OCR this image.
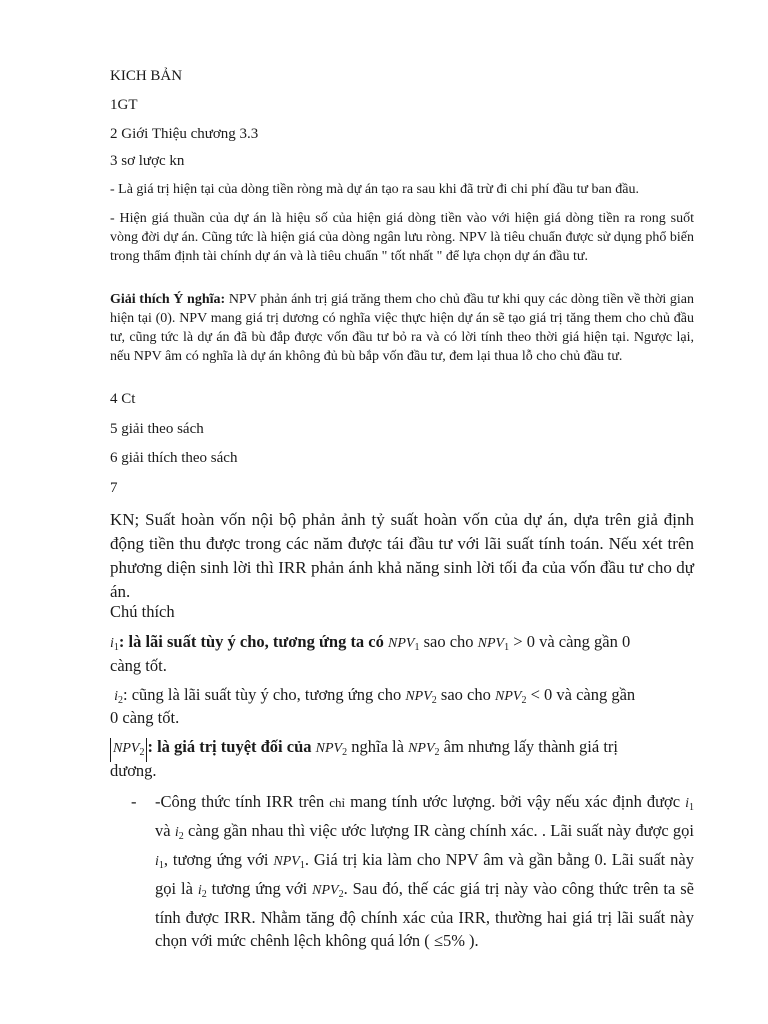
KICH BẢN
1GT
2 Giới Thiệu chương 3.3
3 sơ lược kn
- Là giá trị hiện tại của dòng tiền ròng mà dự án tạo ra sau khi đã trừ đi chi phí đầu tư ban đầu.
- Hiện giá thuần của dự án là hiệu số của hiện giá dòng tiền vào với hiện giá dòng tiền ra rong suốt vòng đời dự án. Cũng tức là hiện giá của dòng ngân lưu ròng. NPV là tiêu chuẩn được sử dụng phổ biến trong thẩm định tài chính dự án và là tiêu chuẩn " tốt nhất " để lựa chọn dự án đầu tư.
Giải thích Ý nghĩa: NPV phản ánh trị giá trăng them cho chủ đầu tư khi quy các dòng tiền về thời gian hiện tại (0). NPV mang giá trị dương có nghĩa việc thực hiện dự án sẽ tạo giá trị tăng them cho chủ đầu tư, cũng tức là dự án đã bù đắp được vốn đầu tư bỏ ra và có lời tính theo thời giá hiện tại. Ngược lại, nếu NPV âm có nghĩa là dự án không đủ bù bắp vốn đầu tư, đem lại thua lỗ cho chủ đầu tư.
4 Ct
5 giải theo sách
6 giải thích theo sách
7
KN; Suất hoàn vốn nội bộ phản ảnh tỷ suất hoàn vốn của dự án, dựa trên giả định động tiền thu được trong các năm được tái đầu tư với lãi suất tính toán. Nếu xét trên phương diện sinh lời thì IRR phản ánh khả năng sinh lời tối đa của vốn đầu tư cho dự án.
Chú thích
$i_1$: là lãi suất tùy ý cho, tương ứng ta có $NPV_1$ sao cho $NPV_1 > 0$ và càng gần 0
càng tốt.
$i_2$: cũng là lãi suất tùy ý cho, tương ứng cho $NPV_2$ sao cho $NPV_2 < 0$ và càng gần
0 càng tốt.
$NPV_2$ : là giá trị tuyệt đối của $NPV_2$ nghĩa là $NPV_2$ âm nhưng lấy thành giá trị
dương.
- -Công thức tính IRR trên chỉ mang tính ước lượng. bởi vậy nếu xác định được $i_1$ và $i_2$ càng gần nhau thì việc ước lượng IR càng chính xác. . Lãi suất này được gọi $i_1$, tương ứng với $NPV_1$. Giá trị kia làm cho NPV âm và gần bằng 0. Lãi suất này gọi là $i_2$ tương ứng với $NPV_2$. Sau đó, thế các giá trị này vào công thức trên ta sẽ tính được IRR. Nhằm tăng độ chính xác của IRR, thường hai giá trị lãi suất này chọn với mức chênh lệch không quá lớn ( ≤5% ).
